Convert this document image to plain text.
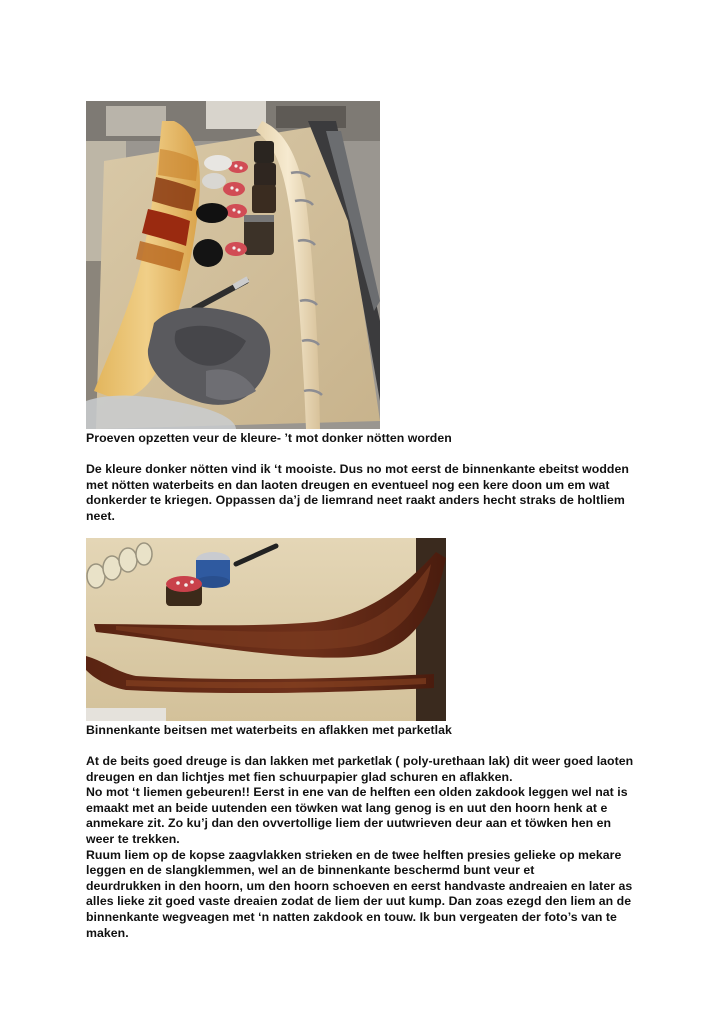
Proeven opzetten veur de kleure- ’t mot donker nötten worden

De kleure donker nötten vind ik ‘t mooiste. Dus no mot eerst de binnenkante ebeitst wodden
met nötten waterbeits en dan laoten dreugen en eventueel nog een kere doon um em wat
donkerder te kriegen. Oppassen da’j de liemrand neet raakt anders hecht straks de holtliem
neet.

Binnenkante beitsen met waterbeits en aflakken met parketlak

At de beits goed dreuge is dan lakken met parketlak ( poly-urethaan lak) dit weer goed laoten
dreugen en dan lichtjes met fien schuurpapier glad schuren en aflakken.
No mot ‘t liemen gebeuren!! Eerst in ene van de helften een olden zakdook leggen wel nat is
emaakt met an beide uutenden een töwken wat lang genog is en uut den hoorn henk at e
anmekare zit. Zo ku’j dan den ovvertollige liem der uutwrieven deur aan et töwken hen en
weer te trekken.
Ruum liem op de kopse zaagvlakken strieken en de twee helften presies gelieke op mekare
leggen en de slangklemmen, wel an de binnenkante beschermd bunt veur et
deurdrukken in den hoorn, um den hoorn schoeven en eerst handvaste andreaien en later as
alles lieke zit goed vaste dreaien zodat de liem der uut kump. Dan zoas ezegd den liem an de
binnenkante wegveagen met ‘n natten zakdook en touw. Ik bun vergeaten der foto’s van te
maken.
